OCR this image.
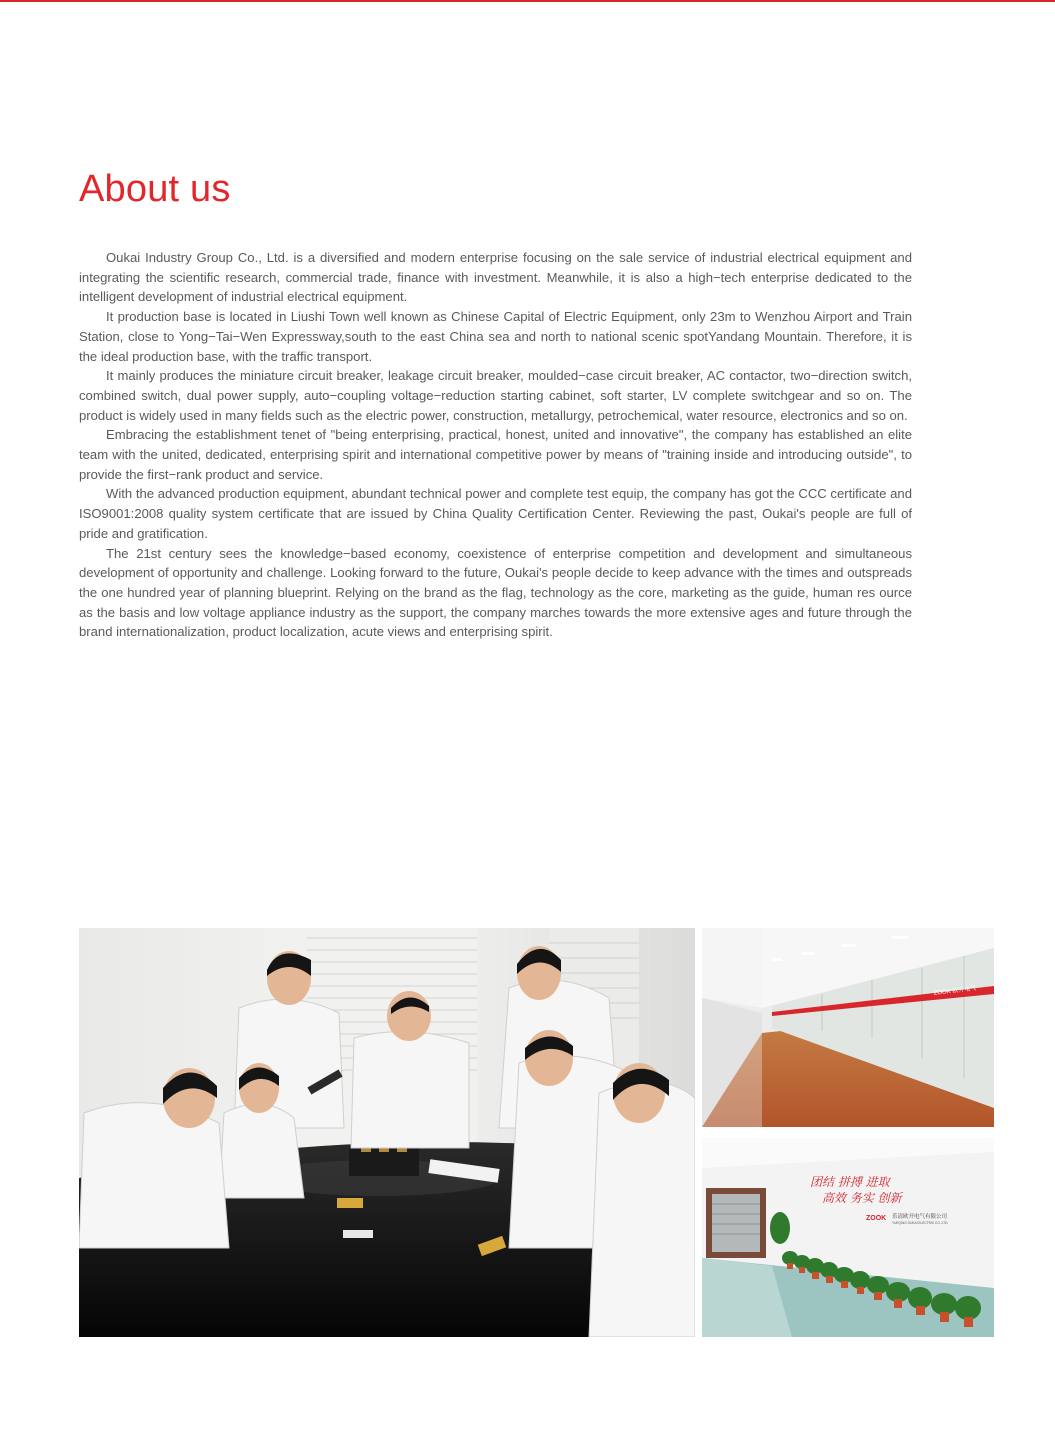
About us

Oukai Industry Group Co., Ltd. is a diversified and modern enterprise focusing on the sale service of industrial electrical equipment and integrating the scientific research, commercial trade, finance with investment. Meanwhile, it is also a high−tech enterprise dedicated to the intelligent development of industrial electrical equipment.

It production base is located in Liushi Town well known as Chinese Capital of Electric Equipment, only 23m to Wenzhou Airport and Train Station, close to Yong−Tai−Wen Expressway,south to the east China sea and north to national scenic spotYandang Mountain. Therefore, it is the ideal production base, with the traffic transport.

It mainly produces the miniature circuit breaker, leakage circuit breaker, moulded−case circuit breaker, AC contactor, two−direction switch, combined switch, dual power supply, auto−coupling voltage−reduction starting cabinet, soft starter, LV complete switchgear and so on. The product is widely used in many fields such as the electric power, construction, metallurgy, petrochemical, water resource, electronics and so on.

Embracing the establishment tenet of "being enterprising, practical, honest, united and innovative", the company has established an elite team with the united, dedicated, enterprising spirit and international competitive power by means of "training inside and introducing outside", to provide the first−rank product and service.

With the advanced production equipment, abundant technical power and complete test equip, the company has got the CCC certificate and ISO9001:2008 quality system certificate that are issued by China Quality Certification Center. Reviewing the past, Oukai's people are full of pride and gratification.

The 21st century sees the knowledge−based economy, coexistence of enterprise competition and development and simultaneous development of opportunity and challenge. Looking forward to the future, Oukai's people decide to keep advance with the times and outspreads the one hundred year of planning blueprint. Relying on the brand as the flag, technology as the core, marketing as the guide, human res ource as the basis and low voltage appliance industry as the support, the company marches towards the more extensive ages and future through the brand internationalization, product localization, acute views and enterprising spirit.

ZOOK 欧开电气
团结 拼搏 进取
高效 务实 创新
ZOOK 乐清欧开电气有限公司
YUEQING OUKAI ELECTRIC CO.,LTD.
